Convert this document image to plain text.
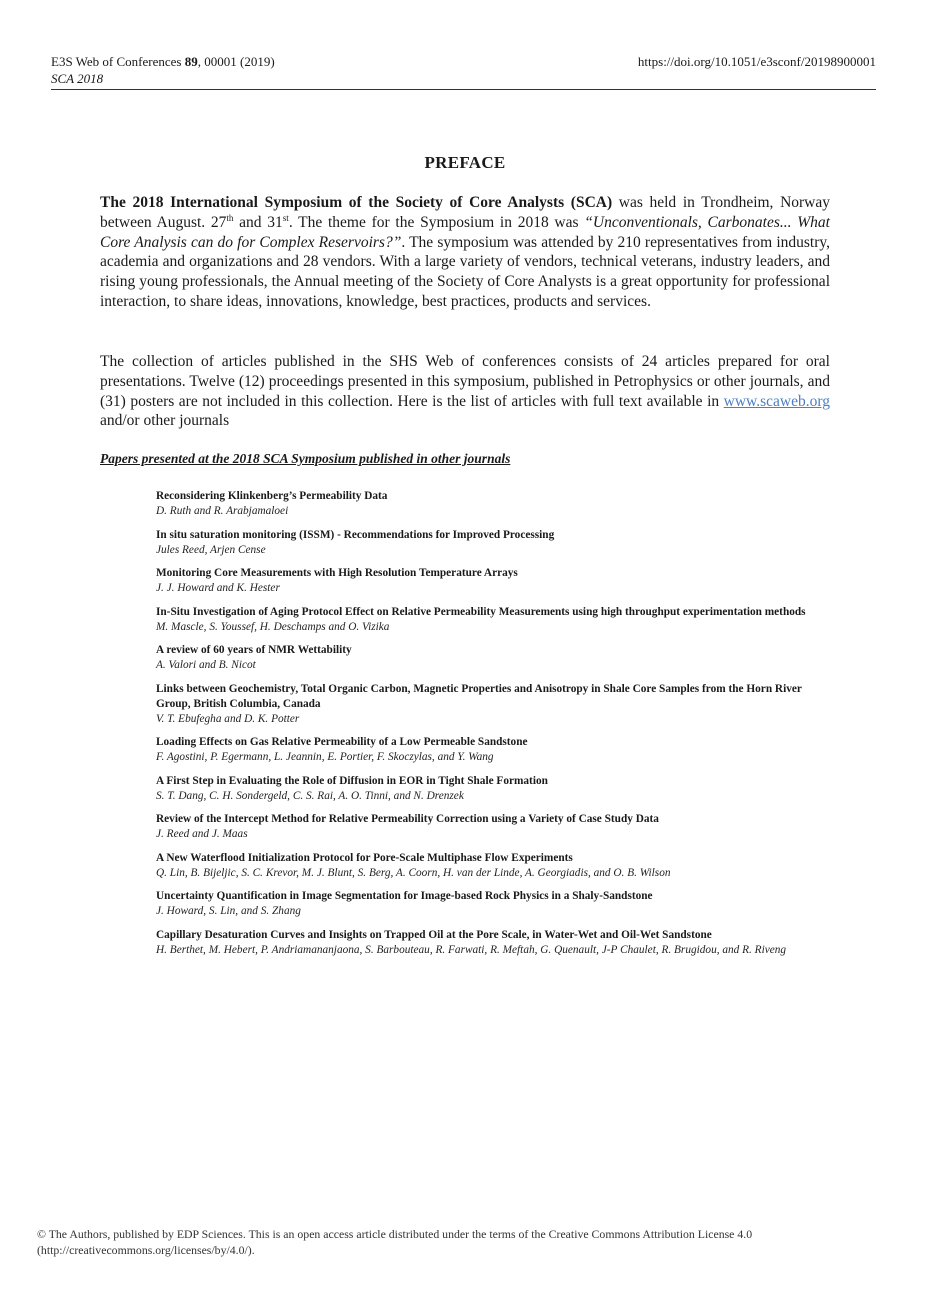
E3S Web of Conferences 89, 00001 (2019)	https://doi.org/10.1051/e3sconf/20198900001
SCA 2018
PREFACE
The 2018 International Symposium of the Society of Core Analysts (SCA) was held in Trondheim, Norway between August. 27th and 31st. The theme for the Symposium in 2018 was “Unconventionals, Carbonates... What Core Analysis can do for Complex Reservoirs?”. The symposium was attended by 210 representatives from industry, academia and organizations and 28 vendors. With a large variety of vendors, technical veterans, industry leaders, and rising young professionals, the Annual meeting of the Society of Core Analysts is a great opportunity for professional interaction, to share ideas, innovations, knowledge, best practices, products and services.
The collection of articles published in the SHS Web of conferences consists of 24 articles prepared for oral presentations. Twelve (12) proceedings presented in this symposium, published in Petrophysics or other journals, and (31) posters are not included in this collection. Here is the list of articles with full text available in www.scaweb.org and/or other journals
Papers presented at the 2018 SCA Symposium published in other journals
Reconsidering Klinkenberg’s Permeability Data
D. Ruth and R. Arabjamaloei
In situ saturation monitoring (ISSM) - Recommendations for Improved Processing
Jules Reed, Arjen Cense
Monitoring Core Measurements with High Resolution Temperature Arrays
J. J. Howard and K. Hester
In-Situ Investigation of Aging Protocol Effect on Relative Permeability Measurements using high throughput experimentation methods
M. Mascle, S. Youssef, H. Deschamps and O. Vizika
A review of 60 years of NMR Wettability
A. Valori and B. Nicot
Links between Geochemistry, Total Organic Carbon, Magnetic Properties and Anisotropy in Shale Core Samples from the Horn River Group, British Columbia, Canada
V. T. Ebufegha and D. K. Potter
Loading Effects on Gas Relative Permeability of a Low Permeable Sandstone
F. Agostini, P. Egermann, L. Jeannin, E. Portier, F. Skoczylas, and Y. Wang
A First Step in Evaluating the Role of Diffusion in EOR in Tight Shale Formation
S. T. Dang, C. H. Sondergeld, C. S. Rai, A. O. Tinni, and N. Drenzek
Review of the Intercept Method for Relative Permeability Correction using a Variety of Case Study Data
J. Reed and J. Maas
A New Waterflood Initialization Protocol for Pore-Scale Multiphase Flow Experiments
Q. Lin, B. Bijeljic, S. C. Krevor, M. J. Blunt, S. Berg, A. Coorn, H. van der Linde, A. Georgiadis, and O. B. Wilson
Uncertainty Quantification in Image Segmentation for Image-based Rock Physics in a Shaly-Sandstone
J. Howard, S. Lin, and S. Zhang
Capillary Desaturation Curves and Insights on Trapped Oil at the Pore Scale, in Water-Wet and Oil-Wet Sandstone
H. Berthet, M. Hebert, P. Andriamananjaona, S. Barbouteau, R. Farwati, R. Meftah, G. Quenault, J-P Chaulet, R. Brugidou, and R. Riveng
© The Authors, published by EDP Sciences. This is an open access article distributed under the terms of the Creative Commons Attribution License 4.0 (http://creativecommons.org/licenses/by/4.0/).
